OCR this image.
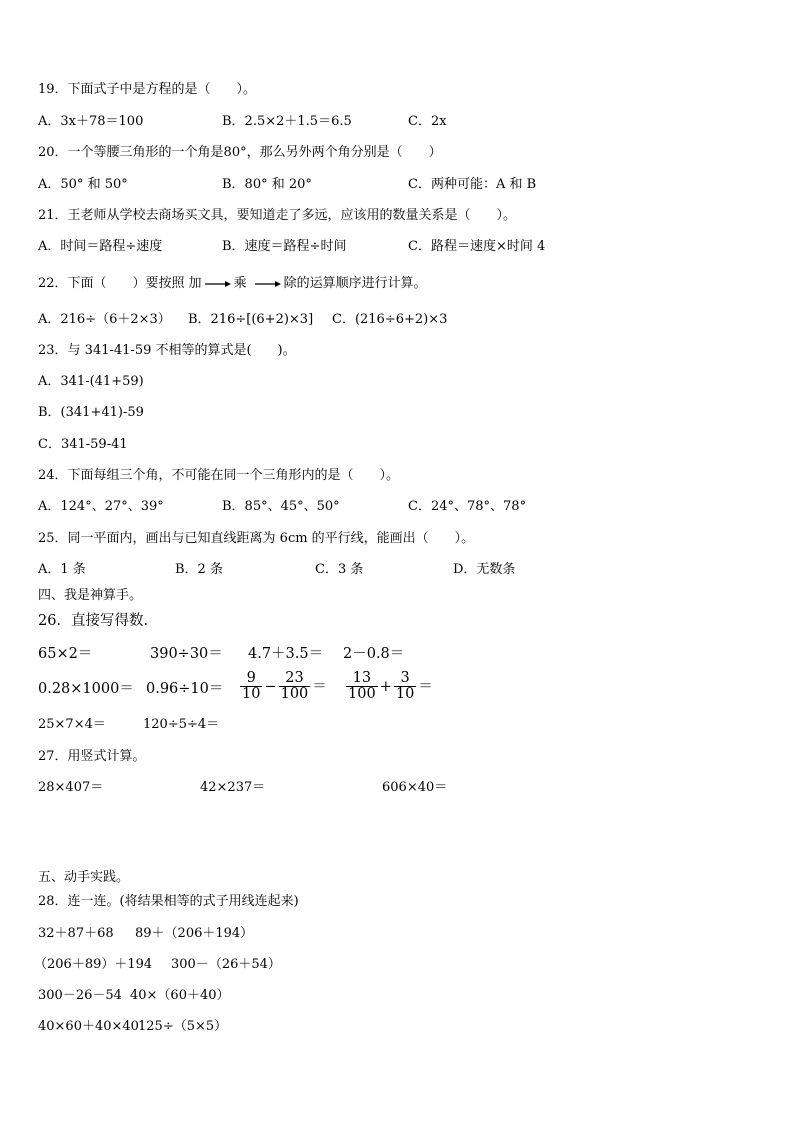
19．下面式子中是方程的是（　　）。
A．3x＋78＝100	B．2.5×2＋1.5＝6.5	C．2x
20．一个等腰三角形的一个角是80°，那么另外两个角分别是（　　）
A．50° 和 50°	B．80° 和 20°	C．两种可能：A 和 B
21．王老师从学校去商场买文具，要知道走了多远，应该用的数量关系是（　　）。
A．时间＝路程÷速度	B．速度＝路程÷时间	C．路程＝速度×时间 4
22．下面（　　）要按照 加 乘	除的运算顺序进行计算。
A．216÷（6＋2×3） B．216÷[(6+2)×3] C．(216÷6+2)×3
23．与 341-41-59 不相等的算式是(　　)。
A．341-(41+59)
B．(341+41)-59
C．341-59-41
24．下面每组三个角，不可能在同一个三角形内的是（　　）。
A．124°、27°、39°	B．85°、45°、50°	C．24°、78°、78°
25．同一平面内，画出与已知直线距离为 6cm 的平行线，能画出（　　）。
A．1 条	B．2 条	C．3 条	D．无数条
四、我是神算手。
26．直接写得数.
65×2＝	390÷30＝ 4.7＋3.5＝ 2－0.8＝
$0.28\times 1000= 0.96\div 10= \frac{9}{10} - \frac{23}{100} = \frac{13}{100} + \frac{3}{10}$ ＝
25×7×4＝	120÷5÷4＝
27．用竖式计算。
28×407＝	42×237＝	606×40＝
五、动手实践。
28．连一连。(将结果相等的式子用线连起来)
32＋87＋68 89＋（206＋194）
（206＋89）＋194 300－（26＋54）
300－26－54 40×（60＋40）
40×60＋40×40 125÷（5×5）
